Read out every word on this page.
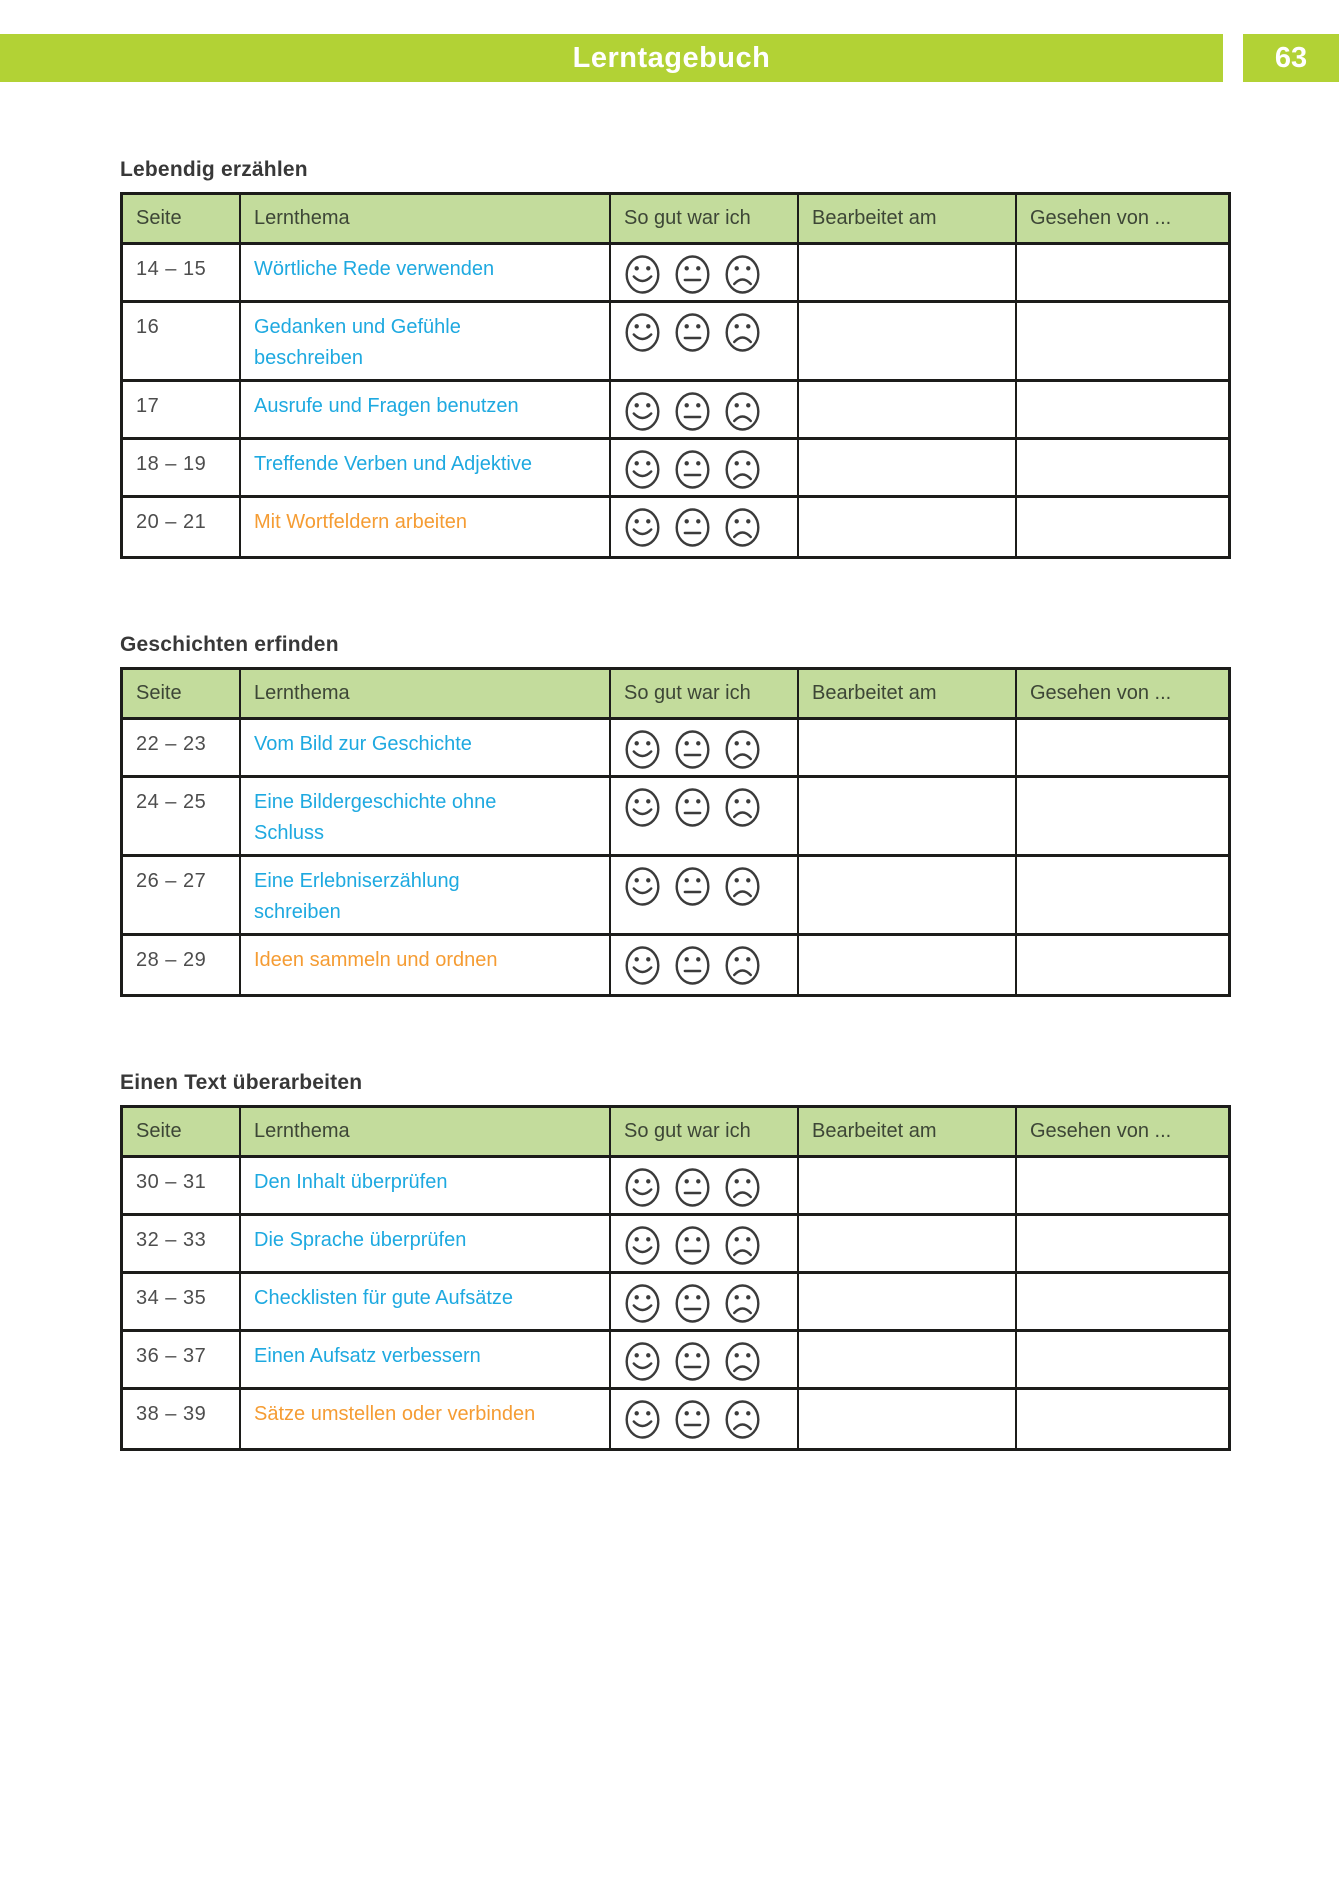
Lerntagebuch	63
Lebendig erzählen
Seite	Lernthema	So gut war ich	Bearbeitet am	Gesehen von ...
14 – 15	Wörtliche Rede verwenden
16	Gedanken und Gefühle beschreiben
17	Ausrufe und Fragen benutzen
18 – 19	Treffende Verben und Adjektive
20 – 21	Mit Wortfeldern arbeiten
Geschichten erfinden
Seite	Lernthema	So gut war ich	Bearbeitet am	Gesehen von ...
22 – 23	Vom Bild zur Geschichte
24 – 25	Eine Bildergeschichte ohne Schluss
26 – 27	Eine Erlebniserzählung schreiben
28 – 29	Ideen sammeln und ordnen
Einen Text überarbeiten
Seite	Lernthema	So gut war ich	Bearbeitet am	Gesehen von ...
30 – 31	Den Inhalt überprüfen
32 – 33	Die Sprache überprüfen
34 – 35	Checklisten für gute Aufsätze
36 – 37	Einen Aufsatz verbessern
38 – 39	Sätze umstellen oder verbinden
